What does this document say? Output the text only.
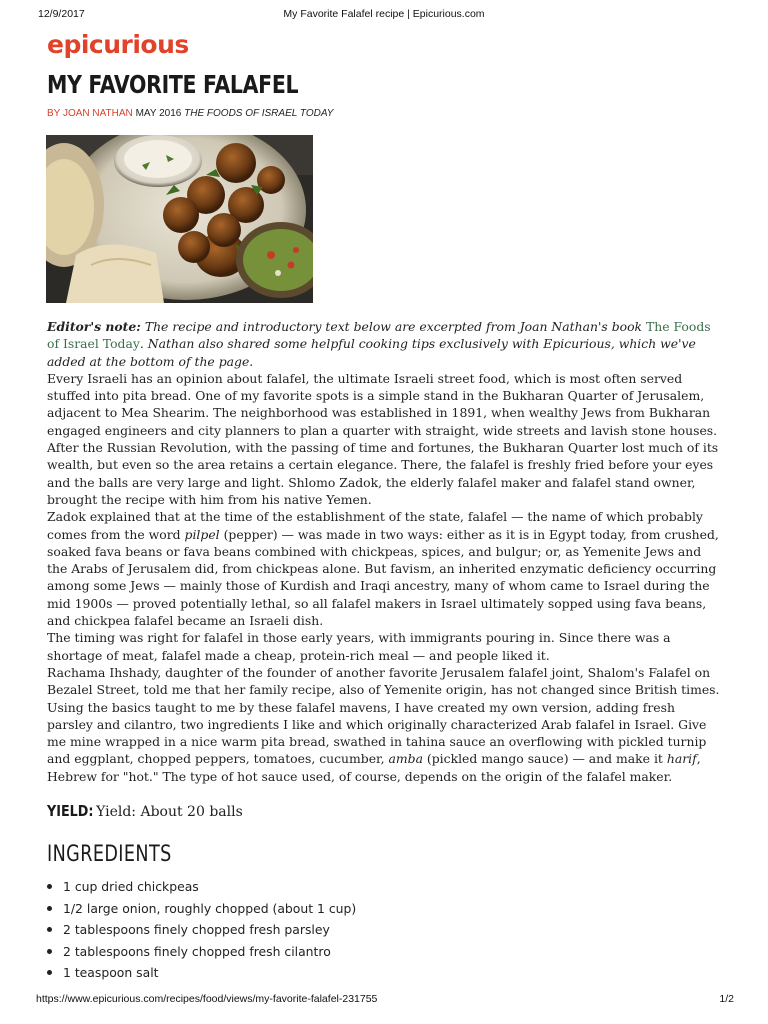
12/9/2017	My Favorite Falafel recipe | Epicurious.com
epicurious
MY FAVORITE FALAFEL
BY JOAN NATHAN MAY 2016 THE FOODS OF ISRAEL TODAY

Editor's note: The recipe and introductory text below are excerpted from Joan Nathan's book The Foods of Israel Today. Nathan also shared some helpful cooking tips exclusively with Epicurious, which we've added at the bottom of the page.

Every Israeli has an opinion about falafel, the ultimate Israeli street food, which is most often served stuffed into pita bread. One of my favorite spots is a simple stand in the Bukharan Quarter of Jerusalem, adjacent to Mea Shearim. The neighborhood was established in 1891, when wealthy Jews from Bukharan engaged engineers and city planners to plan a quarter with straight, wide streets and lavish stone houses. After the Russian Revolution, with the passing of time and fortunes, the Bukharan Quarter lost much of its wealth, but even so the area retains a certain elegance. There, the falafel is freshly fried before your eyes and the balls are very large and light. Shlomo Zadok, the elderly falafel maker and falafel stand owner, brought the recipe with him from his native Yemen.

Zadok explained that at the time of the establishment of the state, falafel — the name of which probably comes from the word pilpel (pepper) — was made in two ways: either as it is in Egypt today, from crushed, soaked fava beans or fava beans combined with chickpeas, spices, and bulgur; or, as Yemenite Jews and the Arabs of Jerusalem did, from chickpeas alone. But favism, an inherited enzymatic deficiency occurring among some Jews — mainly those of Kurdish and Iraqi ancestry, many of whom came to Israel during the mid 1900s — proved potentially lethal, so all falafel makers in Israel ultimately sopped using fava beans, and chickpea falafel became an Israeli dish.

The timing was right for falafel in those early years, with immigrants pouring in. Since there was a shortage of meat, falafel made a cheap, protein-rich meal — and people liked it.

Rachama Ihshady, daughter of the founder of another favorite Jerusalem falafel joint, Shalom's Falafel on Bezalel Street, told me that her family recipe, also of Yemenite origin, has not changed since British times. Using the basics taught to me by these falafel mavens, I have created my own version, adding fresh parsley and cilantro, two ingredients I like and which originally characterized Arab falafel in Israel. Give me mine wrapped in a nice warm pita bread, swathed in tahina sauce an overflowing with pickled turnip and eggplant, chopped peppers, tomatoes, cucumber, amba (pickled mango sauce) — and make it harif, Hebrew for "hot." The type of hot sauce used, of course, depends on the origin of the falafel maker.

YIELD: Yield: About 20 balls
INGREDIENTS
1 cup dried chickpeas
1/2 large onion, roughly chopped (about 1 cup)
2 tablespoons finely chopped fresh parsley
2 tablespoons finely chopped fresh cilantro
1 teaspoon salt
https://www.epicurious.com/recipes/food/views/my-favorite-falafel-231755	1/2
